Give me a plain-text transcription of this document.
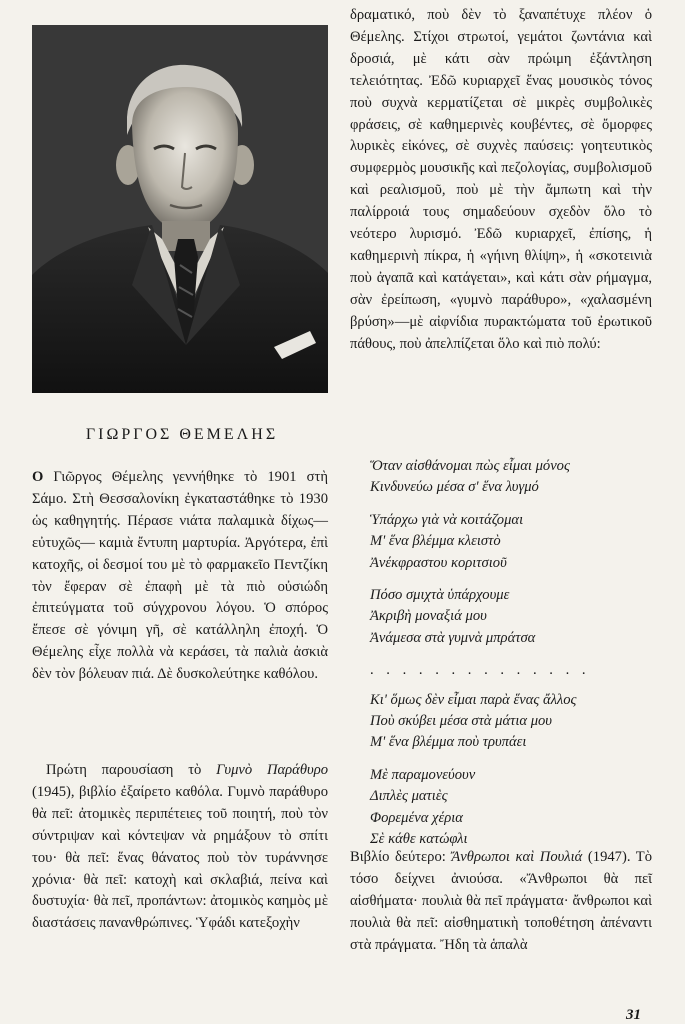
ΓΙΩΡΓΟΣ ΘΕΜΕΛΗΣ

Ο Γιῶργος Θέμελης γεννήθηκε τὸ 1901 στὴ Σάμο. Στὴ Θεσσαλονίκη ἐγκαταστάθηκε τὸ 1930 ὡς καθηγητής. Πέρασε νιάτα παλαμικὰ δίχως—εὐτυχῶς— καμιὰ ἔντυπη μαρτυρία. Ἀργότερα, ἐπὶ κατοχῆς, οἱ δεσμοί του μὲ τὸ φαρμακεῖο Πεντζίκη τὸν ἔφεραν σὲ ἐπαφὴ μὲ τὰ πιὸ οὐσιώδη ἐπιτεύγματα τοῦ σύγχρονου λόγου. Ὁ σπόρος ἔπεσε σὲ γόνιμη γῆ, σὲ κατάλληλη ἐποχή. Ὁ Θέμελης εἶχε πολλὰ νὰ κεράσει, τὰ παλιὰ ἀσκιὰ δὲν τὸν βόλευαν πιά. Δὲ δυσκολεύτηκε καθόλου.

Πρώτη παρουσίαση τὸ Γυμνὸ Παράθυρο (1945), βιβλίο ἐξαίρετο καθόλα. Γυμνὸ παράθυρο θὰ πεῖ: ἀτομικὲς περιπέτειες τοῦ ποιητή, ποὺ τὸν σύντριψαν καὶ κόντεψαν νὰ ρημάξουν τὸ σπίτι του· θὰ πεῖ: ἕνας θάνατος ποὺ τὸν τυράννησε χρόνια· θὰ πεῖ: κατοχὴ καὶ σκλαβιά, πείνα καὶ δυστυχία· θὰ πεῖ, προπάντων: ἀτομικὸς καημὸς μὲ διαστάσεις πανανθρώπινες. Ὑφάδι κατεξοχὴν

δραματικό, ποὺ δὲν τὸ ξαναπέτυχε πλέον ὁ Θέμελης. Στίχοι στρωτοί, γεμάτοι ζωντάνια καὶ δροσιά, μὲ κάτι σὰν πρώιμη ἐξάντληση τελειότητας. Ἐδῶ κυριαρχεῖ ἕνας μουσικὸς τόνος ποὺ συχνὰ κερματίζεται σὲ μικρὲς συμβολικὲς φράσεις, σὲ καθημερινὲς κουβέντες, σὲ ὄμορφες λυρικὲς εἰκόνες, σὲ συχνὲς παύσεις: γοητευτικὸς συμφερμὸς μουσικῆς καὶ πεζολογίας, συμβολισμοῦ καὶ ρεαλισμοῦ, ποὺ μὲ τὴν ἄμπωτη καὶ τὴν παλίρροιά τους σημαδεύουν σχεδὸν ὅλο τὸ νεότερο λυρισμό. Ἐδῶ κυριαρχεῖ, ἐπίσης, ἡ καθημερινὴ πίκρα, ἡ «γήινη θλίψη», ἡ «σκοτεινιὰ ποὺ ἀγαπᾶ καὶ κατάγεται», καὶ κάτι σὰν ρήμαγμα, σὰν ἐρείπωση, «γυμνὸ παράθυρο», «χαλασμένη βρύση»—μὲ αἰφνίδια πυρακτώματα τοῦ ἐρωτικοῦ πάθους, ποὺ ἀπελπίζεται ὅλο καὶ πιὸ πολύ:

Ὅταν αἰσθάνομαι πὼς εἶμαι μόνος
Κινδυνεύω μέσα σ' ἕνα λυγμό
Ὑπάρχω γιὰ νὰ κοιτάζομαι
Μ' ἕνα βλέμμα κλειστὸ
Ἀνέκφραστου κοριτσιοῦ
Πόσο σμιχτὰ ὑπάρχουμε
Ἀκριβὴ μοναξιά μου
Ἀνάμεσα στὰ γυμνὰ μπράτσα
. . . . . . . . . . . . . .
Κι' ὅμως δὲν εἶμαι παρὰ ἕνας ἄλλος
Ποὺ σκύβει μέσα στὰ μάτια μου
Μ' ἕνα βλέμμα ποὺ τρυπάει
Μὲ παραμονεύουν
Διπλὲς ματιὲς
Φορεμένα χέρια
Σὲ κάθε κατώφλι

Βιβλίο δεύτερο: Ἄνθρωποι καὶ Πουλιά (1947). Τὸ τόσο δείχνει ἀνιούσα. «Ἄνθρωποι θὰ πεῖ αἰσθήματα· πουλιὰ θὰ πεῖ πράγματα· ἄνθρωποι καὶ πουλιὰ θὰ πεῖ: αἰσθηματικὴ τοποθέτηση ἀπέναντι στὰ πράγματα. Ἤδη τὰ ἁπαλὰ

31
